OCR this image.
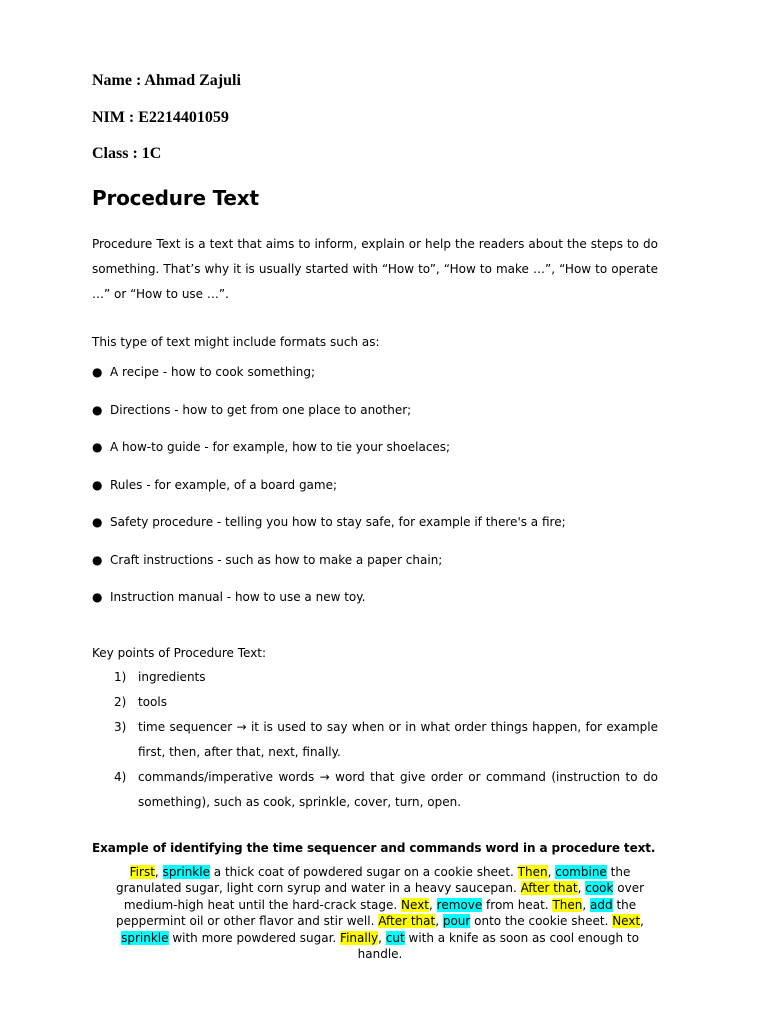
Name : Ahmad Zajuli
NIM : E2214401059
Class : 1C
Procedure Text

Procedure Text is a text that aims to inform, explain or help the readers about the steps to do something. That’s why it is usually started with “How to”, “How to make …”, “How to operate …” or “How to use …”.

This type of text might include formats such as:
● A recipe - how to cook something;
● Directions - how to get from one place to another;
● A how-to guide - for example, how to tie your shoelaces;
● Rules - for example, of a board game;
● Safety procedure - telling you how to stay safe, for example if there's a fire;
● Craft instructions - such as how to make a paper chain;
● Instruction manual - how to use a new toy.
Key points of Procedure Text:
1) ingredients
2) tools
3) time sequencer → it is used to say when or in what order things happen, for example first, then, after that, next, finally.
4) commands/imperative words → word that give order or command (instruction to do something), such as cook, sprinkle, cover, turn, open.
Example of identifying the time sequencer and commands word in a procedure text.

First, sprinkle a thick coat of powdered sugar on a cookie sheet. Then, combine the granulated sugar, light corn syrup and water in a heavy saucepan. After that, cook over medium-high heat until the hard-crack stage. Next, remove from heat. Then, add the peppermint oil or other flavor and stir well. After that, pour onto the cookie sheet. Next, sprinkle with more powdered sugar. Finally, cut with a knife as soon as cool enough to handle.
